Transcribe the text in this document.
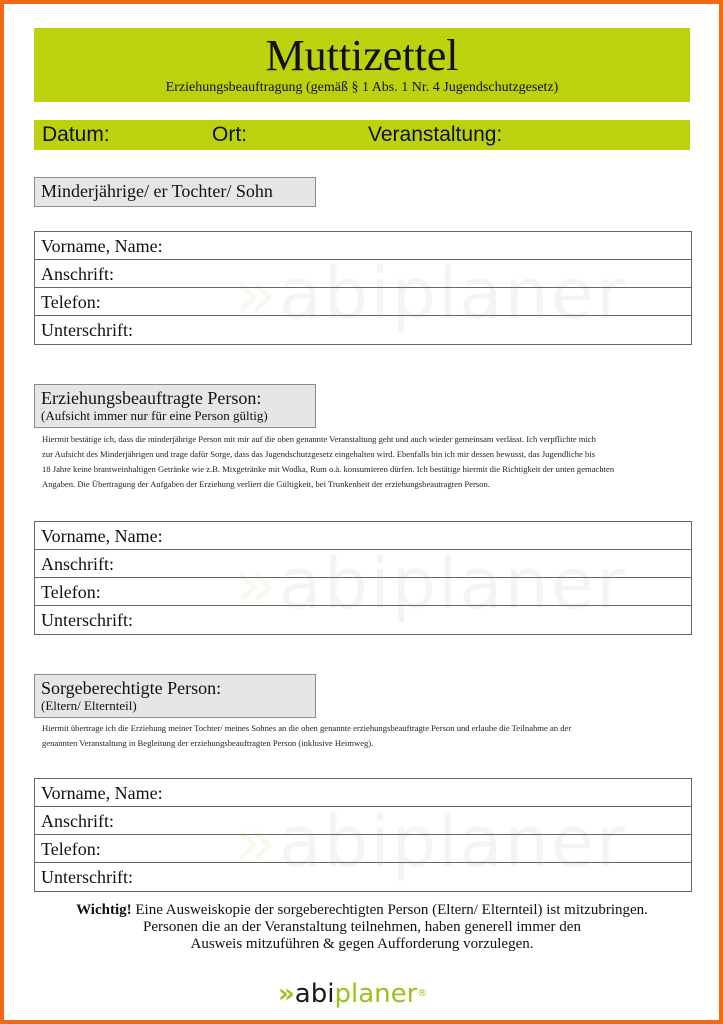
Muttizettel
Erziehungsbeauftragung (gemäß § 1 Abs. 1 Nr. 4 Jugendschutzgesetz)
Datum:	Ort:	Veranstaltung:
»
»
»
Minderjährige/ er Tochter/ Sohn
Vorname, Name:
Anschrift:
Telefon:
Unterschrift:
Erziehungsbeauftragte Person:
(Aufsicht immer nur für eine Person gültig)
Hiermit bestätige ich, dass die minderjährige Person mit mir auf die oben genannte Veranstaltung geht und auch wieder gemeinsam verlässt. Ich verpflichte mich
zur Aufsicht des Minderjährigen und trage dafür Sorge, dass das Jugendschutzgesetz eingehalten wird. Ebenfalls bin ich mir dessen bewusst, das Jugendliche bis
18 Jahre keine brantweinhaltigen Getränke wie z.B. Mixgetränke mit Wodka, Rum o.ä. konsumieren dürfen. Ich bestätige hiermit die Richtigkeit der unten gemachten
Angaben. Die Übertragung der Aufgaben der Erziehung verliert die Gültigkeit, bei Trunkenheit der erziehungsbeautragten Person.
Vorname, Name:
Anschrift:
Telefon:
Unterschrift:
Sorgeberechtigte Person:
(Eltern/ Elternteil)
Hiermit übertrage ich die Erziehung meiner Tochter/ meines Sohnes an die oben genannte erziehungsbeauftragte Person und erlaube die Teilnahme an der
genannten Veranstaltung in Begleitung der erziehungsbeauftragten Person (inklusive Heimweg).
Vorname, Name:
Anschrift:
Telefon:
Unterschrift:
Wichtig! Eine Ausweiskopie der sorgeberechtigten Person (Eltern/ Elternteil) ist mitzubringen.
Personen die an der Veranstaltung teilnehmen, haben generell immer den
Ausweis mitzuführen & gegen Aufforderung vorzulegen.
»abiplaner®
